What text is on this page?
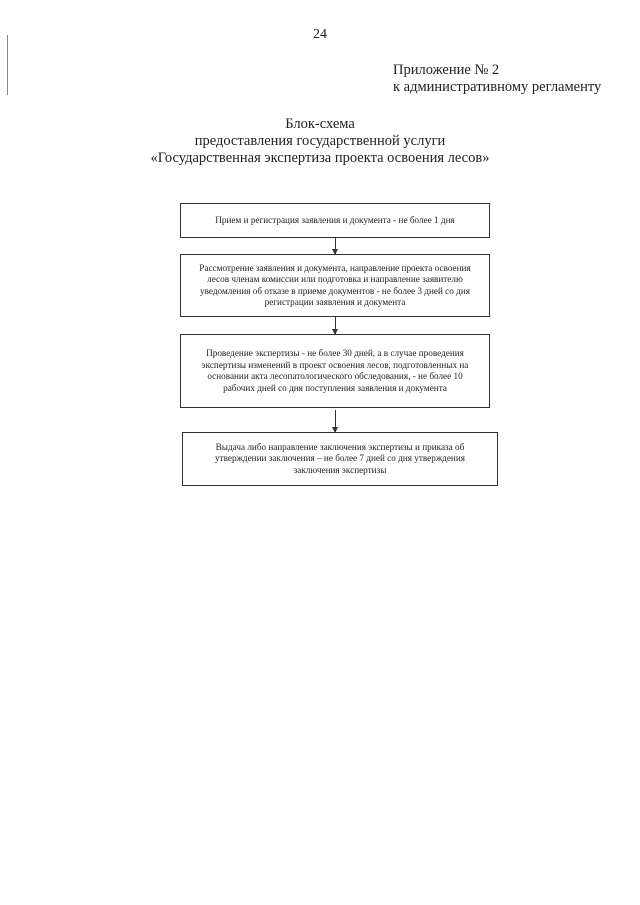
24
Приложение № 2
к административному регламенту
Блок-схема
предоставления государственной услуги
«Государственная экспертиза проекта освоения лесов»
Прием и регистрация заявления и документа - не более 1 дня
Рассмотрение заявления и документа, направление проекта освоения лесов членам комиссии или подготовка и направление заявителю уведомления об отказе в приеме документов - не более 3 дней со дня регистрации заявления и документа
Проведение экспертизы - не более 30 дней, а в случае проведения экспертизы изменений в проект освоения лесов, подготовленных на основании акта лесопатологического обследования, - не более 10 рабочих дней со дня поступления заявления и документа
Выдача либо направление заключения экспертизы и приказа об утверждении заключения – не более 7 дней со дня утверждения заключения экспертизы
